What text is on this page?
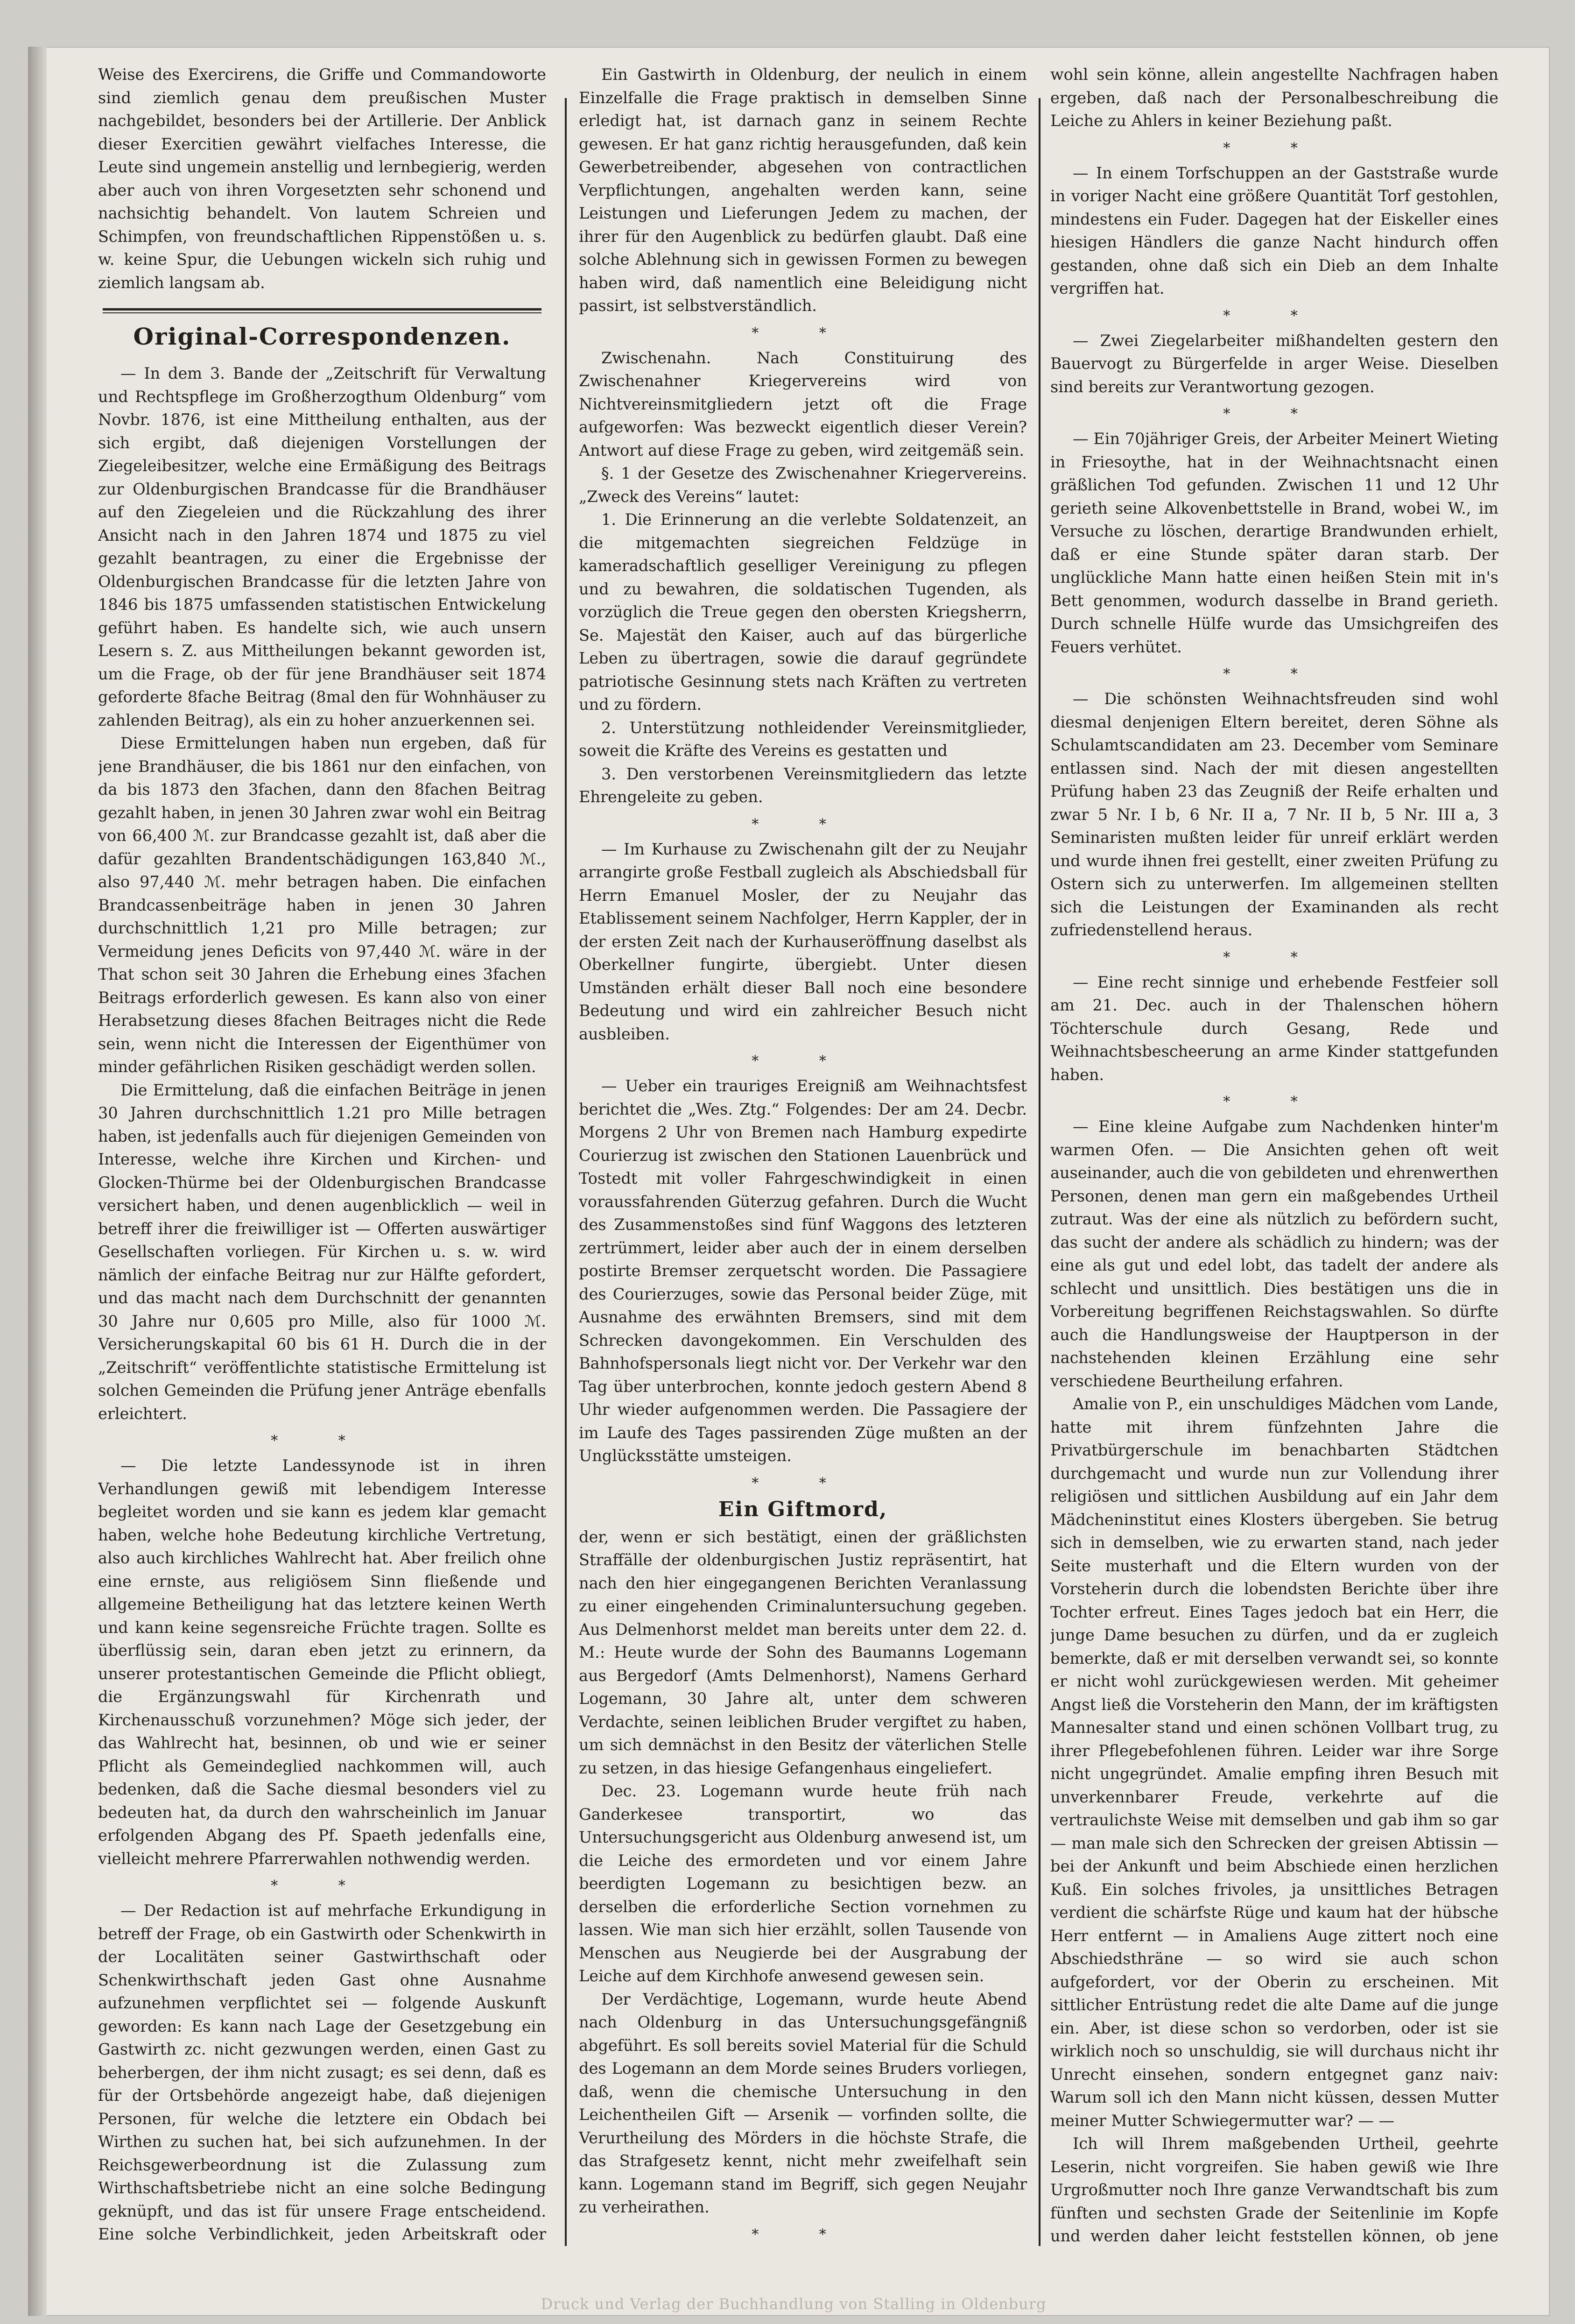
Weise des Exercirens, die Griffe und Commandoworte sind ziemlich genau dem preußischen Muster nachgebildet, besonders bei der Artillerie. Der Anblick dieser Exercitien gewährt vielfaches Interesse, die Leute sind ungemein anstellig und lernbegierig, werden aber auch von ihren Vorgesetzten sehr schonend und nachsichtig behandelt. Von lautem Schreien und Schimpfen, von freundschaftlichen Rippenstößen u. s. w. keine Spur, die Uebungen wickeln sich ruhig und ziemlich langsam ab.

Original-Correspondenzen.

— In dem 3. Bande der „Zeitschrift für Verwaltung und Rechtspflege im Großherzogthum Oldenburg“ vom Novbr. 1876, ist eine Mittheilung enthalten, aus der sich ergibt, daß diejenigen Vorstellungen der Ziegeleibesitzer, welche eine Ermäßigung des Beitrags zur Oldenburgischen Brandcasse für die Brandhäuser auf den Ziegeleien und die Rückzahlung des ihrer Ansicht nach in den Jahren 1874 und 1875 zu viel gezahlt beantragen, zu einer die Ergebnisse der Oldenburgischen Brandcasse für die letzten Jahre von 1846 bis 1875 umfassenden statistischen Entwickelung geführt haben. Es handelte sich, wie auch unsern Lesern s. Z. aus Mittheilungen bekannt geworden ist, um die Frage, ob der für jene Brandhäuser seit 1874 geforderte 8fache Beitrag (8mal den für Wohnhäuser zu zahlenden Beitrag), als ein zu hoher anzuerkennen sei.

Diese Ermittelungen haben nun ergeben, daß für jene Brandhäuser, die bis 1861 nur den einfachen, von da bis 1873 den 3fachen, dann den 8fachen Beitrag gezahlt haben, in jenen 30 Jahren zwar wohl ein Beitrag von 66,400 ℳ. zur Brandcasse gezahlt ist, daß aber die dafür gezahlten Brandentschädigungen 163,840 ℳ., also 97,440 ℳ. mehr betragen haben. Die einfachen Brandcassenbeiträge haben in jenen 30 Jahren durchschnittlich 1,21 pro Mille betragen; zur Vermeidung jenes Deficits von 97,440 ℳ. wäre in der That schon seit 30 Jahren die Erhebung eines 3fachen Beitrags erforderlich gewesen. Es kann also von einer Herabsetzung dieses 8fachen Beitrages nicht die Rede sein, wenn nicht die Interessen der Eigenthümer von minder gefährlichen Risiken geschädigt werden sollen.

Die Ermittelung, daß die einfachen Beiträge in jenen 30 Jahren durchschnittlich 1.21 pro Mille betragen haben, ist jedenfalls auch für diejenigen Gemeinden von Interesse, welche ihre Kirchen und Kirchen- und Glocken-Thürme bei der Oldenburgischen Brandcasse versichert haben, und denen augenblicklich — weil in betreff ihrer die freiwilliger ist — Offerten auswärtiger Gesellschaften vorliegen. Für Kirchen u. s. w. wird nämlich der einfache Beitrag nur zur Hälfte gefordert, und das macht nach dem Durchschnitt der genannten 30 Jahre nur 0,605 pro Mille, also für 1000 ℳ. Versicherungskapital 60 bis 61 H. Durch die in der „Zeitschrift“ veröffentlichte statistische Ermittelung ist solchen Gemeinden die Prüfung jener Anträge ebenfalls erleichtert.

* *

— Die letzte Landessynode ist in ihren Verhandlungen gewiß mit lebendigem Interesse begleitet worden und sie kann es jedem klar gemacht haben, welche hohe Bedeutung kirchliche Vertretung, also auch kirchliches Wahlrecht hat. Aber freilich ohne eine ernste, aus religiösem Sinn fließende und allgemeine Betheiligung hat das letztere keinen Werth und kann keine segensreiche Früchte tragen. Sollte es überflüssig sein, daran eben jetzt zu erinnern, da unserer protestantischen Gemeinde die Pflicht obliegt, die Ergänzungswahl für Kirchenrath und Kirchenausschuß vorzunehmen? Möge sich jeder, der das Wahlrecht hat, besinnen, ob und wie er seiner Pflicht als Gemeindeglied nachkommen will, auch bedenken, daß die Sache diesmal besonders viel zu bedeuten hat, da durch den wahrscheinlich im Januar erfolgenden Abgang des Pf. Spaeth jedenfalls eine, vielleicht mehrere Pfarrerwahlen nothwendig werden.

* *

— Der Redaction ist auf mehrfache Erkundigung in betreff der Frage, ob ein Gastwirth oder Schenkwirth in der Localitäten seiner Gastwirthschaft oder Schenkwirthschaft jeden Gast ohne Ausnahme aufzunehmen verpflichtet sei — folgende Auskunft geworden: Es kann nach Lage der Gesetzgebung ein Gastwirth zc. nicht gezwungen werden, einen Gast zu beherbergen, der ihm nicht zusagt; es sei denn, daß es für der Ortsbehörde angezeigt habe, daß diejenigen Personen, für welche die letztere ein Obdach bei Wirthen zu suchen hat, bei sich aufzunehmen. In der Reichsgewerbeordnung ist die Zulassung zum Wirthschaftsbetriebe nicht an eine solche Bedingung geknüpft, und das ist für unsere Frage entscheidend. Eine solche Verbindlichkeit, jeden Arbeitskraft oder

Ein Gastwirth in Oldenburg, der neulich in einem Einzelfalle die Frage praktisch in demselben Sinne erledigt hat, ist darnach ganz in seinem Rechte gewesen. Er hat ganz richtig herausgefunden, daß kein Gewerbetreibender, abgesehen von contractlichen Verpflichtungen, angehalten werden kann, seine Leistungen und Lieferungen Jedem zu machen, der ihrer für den Augenblick zu bedürfen glaubt. Daß eine solche Ablehnung sich in gewissen Formen zu bewegen haben wird, daß namentlich eine Beleidigung nicht passirt, ist selbstverständlich.

* *

Zwischenahn. Nach Constituirung des Zwischenahner Kriegervereins wird von Nichtvereinsmitgliedern jetzt oft die Frage aufgeworfen: Was bezweckt eigentlich dieser Verein? Antwort auf diese Frage zu geben, wird zeitgemäß sein.

§. 1 der Gesetze des Zwischenahner Kriegervereins. „Zweck des Vereins“ lautet:

1. Die Erinnerung an die verlebte Soldatenzeit, an die mitgemachten siegreichen Feldzüge in kameradschaftlich geselliger Vereinigung zu pflegen und zu bewahren, die soldatischen Tugenden, als vorzüglich die Treue gegen den obersten Kriegsherrn, Se. Majestät den Kaiser, auch auf das bürgerliche Leben zu übertragen, sowie die darauf gegründete patriotische Gesinnung stets nach Kräften zu vertreten und zu fördern.

2. Unterstützung nothleidender Vereinsmitglieder, soweit die Kräfte des Vereins es gestatten und

3. Den verstorbenen Vereinsmitgliedern das letzte Ehrengeleite zu geben.

* *

— Im Kurhause zu Zwischenahn gilt der zu Neujahr arrangirte große Festball zugleich als Abschiedsball für Herrn Emanuel Mosler, der zu Neujahr das Etablissement seinem Nachfolger, Herrn Kappler, der in der ersten Zeit nach der Kurhauseröffnung daselbst als Oberkellner fungirte, übergiebt. Unter diesen Umständen erhält dieser Ball noch eine besondere Bedeutung und wird ein zahlreicher Besuch nicht ausbleiben.

* *

— Ueber ein trauriges Ereigniß am Weihnachtsfest berichtet die „Wes. Ztg.“ Folgendes: Der am 24. Decbr. Morgens 2 Uhr von Bremen nach Hamburg expedirte Courierzug ist zwischen den Stationen Lauenbrück und Tostedt mit voller Fahrgeschwindigkeit in einen voraussfahrenden Güterzug gefahren. Durch die Wucht des Zusammenstoßes sind fünf Waggons des letzteren zertrümmert, leider aber auch der in einem derselben postirte Bremser zerquetscht worden. Die Passagiere des Courierzuges, sowie das Personal beider Züge, mit Ausnahme des erwähnten Bremsers, sind mit dem Schrecken davongekommen. Ein Verschulden des Bahnhofspersonals liegt nicht vor. Der Verkehr war den Tag über unterbrochen, konnte jedoch gestern Abend 8 Uhr wieder aufgenommen werden. Die Passagiere der im Laufe des Tages passirenden Züge mußten an der Unglücksstätte umsteigen.

* *
Ein Giftmord,

der, wenn er sich bestätigt, einen der gräßlichsten Straffälle der oldenburgischen Justiz repräsentirt, hat nach den hier eingegangenen Berichten Veranlassung zu einer eingehenden Criminaluntersuchung gegeben. Aus Delmenhorst meldet man bereits unter dem 22. d. M.: Heute wurde der Sohn des Baumanns Logemann aus Bergedorf (Amts Delmenhorst), Namens Gerhard Logemann, 30 Jahre alt, unter dem schweren Verdachte, seinen leiblichen Bruder vergiftet zu haben, um sich demnächst in den Besitz der väterlichen Stelle zu setzen, in das hiesige Gefangenhaus eingeliefert.

Dec. 23. Logemann wurde heute früh nach Ganderkesee transportirt, wo das Untersuchungsgericht aus Oldenburg anwesend ist, um die Leiche des ermordeten und vor einem Jahre beerdigten Logemann zu besichtigen bezw. an derselben die erforderliche Section vornehmen zu lassen. Wie man sich hier erzählt, sollen Tausende von Menschen aus Neugierde bei der Ausgrabung der Leiche auf dem Kirchhofe anwesend gewesen sein.

Der Verdächtige, Logemann, wurde heute Abend nach Oldenburg in das Untersuchungsgefängniß abgeführt. Es soll bereits soviel Material für die Schuld des Logemann an dem Morde seines Bruders vorliegen, daß, wenn die chemische Untersuchung in den Leichentheilen Gift — Arsenik — vorfinden sollte, die Verurtheilung des Mörders in die höchste Strafe, die das Strafgesetz kennt, nicht mehr zweifelhaft sein kann. Logemann stand im Begriff, sich gegen Neujahr zu verheirathen.

* *

wohl sein könne, allein angestellte Nachfragen haben ergeben, daß nach der Personalbeschreibung die Leiche zu Ahlers in keiner Beziehung paßt.

* *

— In einem Torfschuppen an der Gaststraße wurde in voriger Nacht eine größere Quantität Torf gestohlen, mindestens ein Fuder. Dagegen hat der Eiskeller eines hiesigen Händlers die ganze Nacht hindurch offen gestanden, ohne daß sich ein Dieb an dem Inhalte vergriffen hat.

* *

— Zwei Ziegelarbeiter mißhandelten gestern den Bauervogt zu Bürgerfelde in arger Weise. Dieselben sind bereits zur Verantwortung gezogen.

* *

— Ein 70jähriger Greis, der Arbeiter Meinert Wieting in Friesoythe, hat in der Weihnachtsnacht einen gräßlichen Tod gefunden. Zwischen 11 und 12 Uhr gerieth seine Alkovenbettstelle in Brand, wobei W., im Versuche zu löschen, derartige Brandwunden erhielt, daß er eine Stunde später daran starb. Der unglückliche Mann hatte einen heißen Stein mit in's Bett genommen, wodurch dasselbe in Brand gerieth. Durch schnelle Hülfe wurde das Umsichgreifen des Feuers verhütet.

* *

— Die schönsten Weihnachtsfreuden sind wohl diesmal denjenigen Eltern bereitet, deren Söhne als Schulamtscandidaten am 23. December vom Seminare entlassen sind. Nach der mit diesen angestellten Prüfung haben 23 das Zeugniß der Reife erhalten und zwar 5 Nr. I b, 6 Nr. II a, 7 Nr. II b, 5 Nr. III a, 3 Seminaristen mußten leider für unreif erklärt werden und wurde ihnen frei gestellt, einer zweiten Prüfung zu Ostern sich zu unterwerfen. Im allgemeinen stellten sich die Leistungen der Examinanden als recht zufriedenstellend heraus.

* *

— Eine recht sinnige und erhebende Festfeier soll am 21. Dec. auch in der Thalenschen höhern Töchterschule durch Gesang, Rede und Weihnachtsbescheerung an arme Kinder stattgefunden haben.

* *

— Eine kleine Aufgabe zum Nachdenken hinter'm warmen Ofen. — Die Ansichten gehen oft weit auseinander, auch die von gebildeten und ehrenwerthen Personen, denen man gern ein maßgebendes Urtheil zutraut. Was der eine als nützlich zu befördern sucht, das sucht der andere als schädlich zu hindern; was der eine als gut und edel lobt, das tadelt der andere als schlecht und unsittlich. Dies bestätigen uns die in Vorbereitung begriffenen Reichstagswahlen. So dürfte auch die Handlungsweise der Hauptperson in der nachstehenden kleinen Erzählung eine sehr verschiedene Beurtheilung erfahren.

Amalie von P., ein unschuldiges Mädchen vom Lande, hatte mit ihrem fünfzehnten Jahre die Privatbürgerschule im benachbarten Städtchen durchgemacht und wurde nun zur Vollendung ihrer religiösen und sittlichen Ausbildung auf ein Jahr dem Mädcheninstitut eines Klosters übergeben. Sie betrug sich in demselben, wie zu erwarten stand, nach jeder Seite musterhaft und die Eltern wurden von der Vorsteherin durch die lobendsten Berichte über ihre Tochter erfreut. Eines Tages jedoch bat ein Herr, die junge Dame besuchen zu dürfen, und da er zugleich bemerkte, daß er mit derselben verwandt sei, so konnte er nicht wohl zurückgewiesen werden. Mit geheimer Angst ließ die Vorsteherin den Mann, der im kräftigsten Mannesalter stand und einen schönen Vollbart trug, zu ihrer Pflegebefohlenen führen. Leider war ihre Sorge nicht ungegründet. Amalie empfing ihren Besuch mit unverkennbarer Freude, verkehrte auf die vertraulichste Weise mit demselben und gab ihm so gar — man male sich den Schrecken der greisen Abtissin — bei der Ankunft und beim Abschiede einen herzlichen Kuß. Ein solches frivoles, ja unsittliches Betragen verdient die schärfste Rüge und kaum hat der hübsche Herr entfernt — in Amaliens Auge zittert noch eine Abschiedsthräne — so wird sie auch schon aufgefordert, vor der Oberin zu erscheinen. Mit sittlicher Entrüstung redet die alte Dame auf die junge ein. Aber, ist diese schon so verdorben, oder ist sie wirklich noch so unschuldig, sie will durchaus nicht ihr Unrecht einsehen, sondern entgegnet ganz naiv: Warum soll ich den Mann nicht küssen, dessen Mutter meiner Mutter Schwiegermutter war? — —

Ich will Ihrem maßgebenden Urtheil, geehrte Leserin, nicht vorgreifen. Sie haben gewiß wie Ihre Urgroßmutter noch Ihre ganze Verwandtschaft bis zum fünften und sechsten Grade der Seitenlinie im Kopfe und werden daher leicht feststellen können, ob jene

Druck und Verlag der Buchhandlung von Stalling in Oldenburg
